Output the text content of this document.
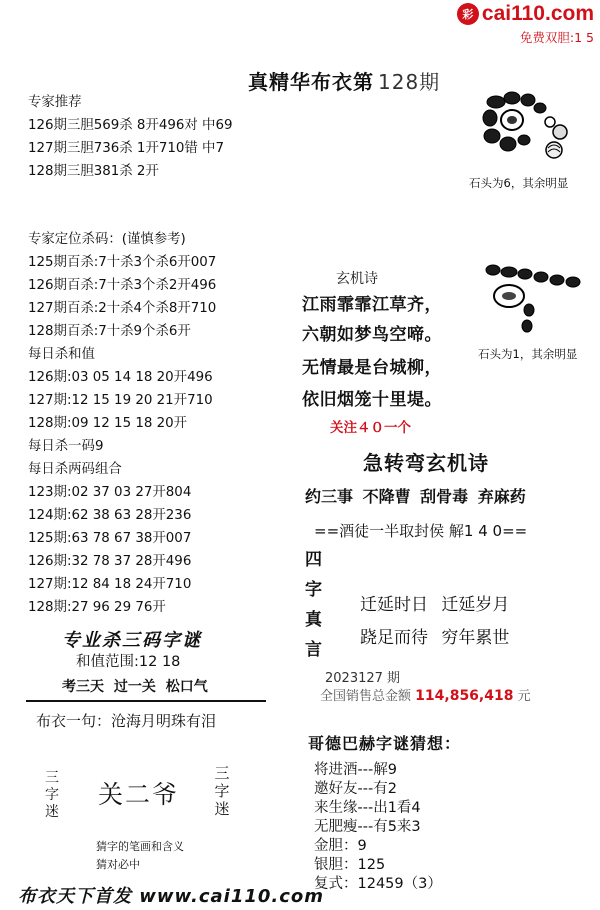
彩 cai110.com
免费双胆:1 5
真精华布衣第 128期
专家推荐
126期三胆569杀 8开496对 中69
127期三胆736杀 1开710错 中7
128期三胆381杀 2开
专家定位杀码：(谨慎参考)
125期百杀:7十杀3个杀6开007
126期百杀:7十杀3个杀2开496
127期百杀:2十杀4个杀8开710
128期百杀:7十杀9个杀6开
每日杀和值
126期:03 05 14 18 20开496
127期:12 15 19 20 21开710
128期:09 12 15 18 20开
每日杀一码9
每日杀两码组合
123期:02 37 03 27开804
124期:62 38 63 28开236
125期:63 78 67 38开007
126期:32 78 37 28开496
127期:12 84 18 24开710
128期:27 96 29 76开
石头为6，其余明显
石头为1，其余明显
玄机诗
江雨霏霏江草齐，
六朝如梦鸟空啼。
无情最是台城柳，
依旧烟笼十里堤。
关注４０一个
急转弯玄机诗
约三事 不降曹 刮骨毒 弃麻药
==酒徒一半取封侯 解1 4 0==
四
字
真
言
迁延时日 迁延岁月
跷足而待 穷年累世
2023127 期
全国销售总金额 114,856,418 元
哥德巴赫字谜猜想：
将进酒---解9
邀好友---有2
来生缘---出1看4
无肥瘦---有5来3
金胆：9
银胆：125
复式：12459（3）
专业杀三码字谜
和值范围:12 18
考三天 过一关 松口气
布衣一句：沧海月明珠有泪
三
字
迷
关二爷
三
字
迷
猜字的笔画和含义
猜对必中
布衣天下首发 www.cai110.com
